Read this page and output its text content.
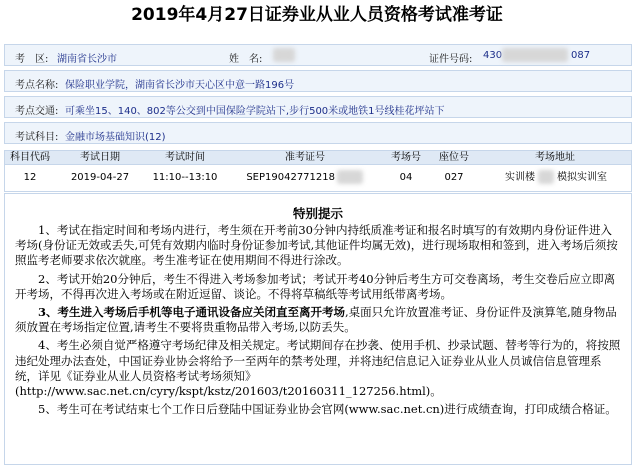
2019年4月27日证券业从业人员资格考试准考证
考　区: 湖南省长沙市	姓　名:	证件号码: 430	087
考点名称: 保险职业学院，湖南省长沙市天心区中意一路196号
考点交通: 可乘坐15、140、802等公交到中国保险学院站下,步行500米或地铁1号线桂花坪站下
考试科目: 金融市场基础知识(12)
科目代码	考试日期	考试时间	准考证号	考场号	座位号	考场地址
12	2019-04-27	11:10--13:10	SEP19042771218	04	027	实训楼 模拟实训室
特别提示

1、考试在指定时间和考场内进行，考生须在开考前30分钟内持纸质准考证和报名时填写的有效期内身份证件进入考场(身份证无效或丢失,可凭有效期内临时身份证参加考试,其他证件均属无效)，进行现场取相和签到，进入考场后须按照监考老师要求依次就座。考生准考证在使用期间不得进行涂改。

2、考试开始20分钟后，考生不得进入考场参加考试；考试开考40分钟后考生方可交卷离场，考生交卷后应立即离开考场，不得再次进入考场或在附近逗留、谈论。不得将草稿纸等考试用纸带离考场。

3、考生进入考场后手机等电子通讯设备应关闭直至离开考场,桌面只允许放置准考证、身份证件及演算笔,随身物品须放置在考场指定位置,请考生不要将贵重物品带入考场,以防丢失。

4、考生必须自觉严格遵守考场纪律及相关规定。考试期间存在抄袭、使用手机、抄录试题、替考等行为的，将按照违纪处理办法查处，中国证券业协会将给予一至两年的禁考处理，并将违纪信息记入证券业从业人员诚信信息管理系统，详见《证券业从业人员资格考试考场须知》(http://www.sac.net.cn/cyry/kspt/kstz/201603/t20160311_127256.html)。

5、考生可在考试结束七个工作日后登陆中国证券业协会官网(www.sac.net.cn)进行成绩查询，打印成绩合格证。
